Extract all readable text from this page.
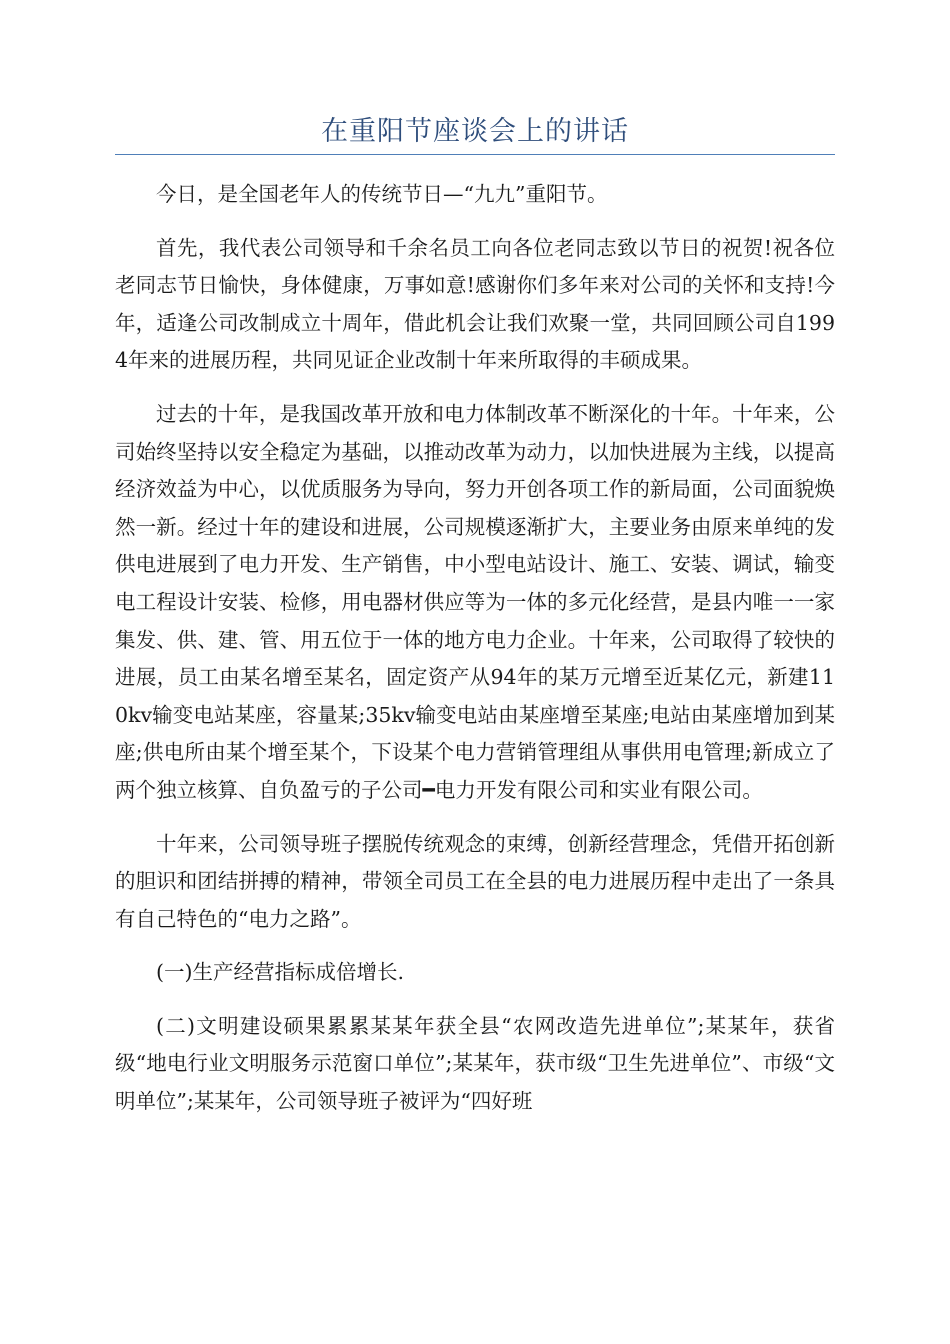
在重阳节座谈会上的讲话

今日，是全国老年人的传统节日—“九九”重阳节。

首先，我代表公司领导和千余名员工向各位老同志致以节日的祝贺!祝各位老同志节日愉快，身体健康，万事如意!感谢你们多年来对公司的关怀和支持!今年，适逢公司改制成立十周年，借此机会让我们欢聚一堂，共同回顾公司自1994年来的进展历程，共同见证企业改制十年来所取得的丰硕成果。

过去的十年，是我国改革开放和电力体制改革不断深化的十年。十年来，公司始终坚持以安全稳定为基础，以推动改革为动力，以加快进展为主线，以提高经济效益为中心，以优质服务为导向，努力开创各项工作的新局面，公司面貌焕然一新。经过十年的建设和进展，公司规模逐渐扩大，主要业务由原来单纯的发供电进展到了电力开发、生产销售，中小型电站设计、施工、安装、调试，输变电工程设计安装、检修，用电器材供应等为一体的多元化经营，是县内唯一一家集发、供、建、管、用五位于一体的地方电力企业。十年来，公司取得了较快的进展，员工由某名增至某名，固定资产从94年的某万元增至近某亿元，新建110kv输变电站某座，容量某;35kv输变电站由某座增至某座;电站由某座增加到某座;供电所由某个增至某个，下设某个电力营销管理组从事供用电管理;新成立了两个独立核算、自负盈亏的子公司━电力开发有限公司和实业有限公司。

十年来，公司领导班子摆脱传统观念的束缚，创新经营理念，凭借开拓创新的胆识和团结拼搏的精神，带领全司员工在全县的电力进展历程中走出了一条具有自己特色的“电力之路”。

(一)生产经营指标成倍增长.

(二)文明建设硕果累累某某年获全县“农网改造先进单位”;某某年，获省级“地电行业文明服务示范窗口单位”;某某年，获市级“卫生先进单位”、市级“文明单位”;某某年，公司领导班子被评为“四好班
